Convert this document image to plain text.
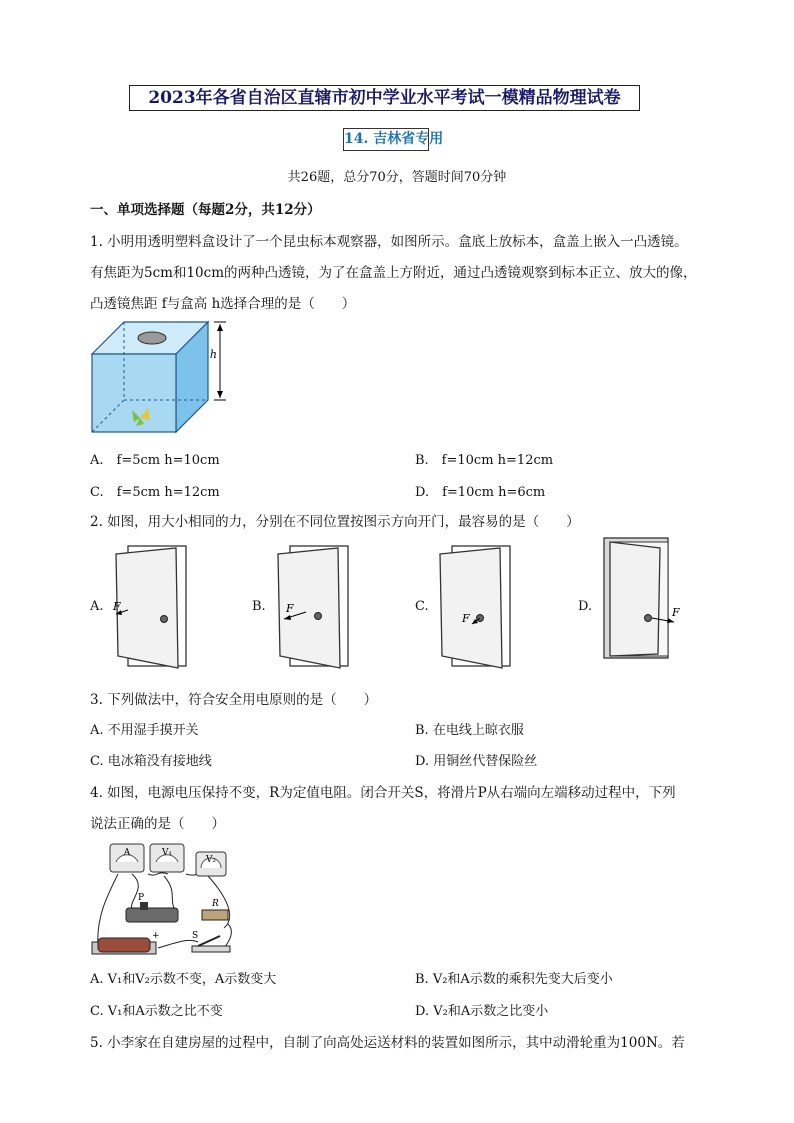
2023年各省自治区直辖市初中学业水平考试一模精品物理试卷
14. 吉林省专用
共26题，总分70分，答题时间70分钟
一、单项选择题（每题2分，共12分）
1. 小明用透明塑料盒设计了一个昆虫标本观察器，如图所示。盒底上放标本，盒盖上嵌入一凸透镜。
有焦距为5cm和10cm的两种凸透镜，为了在盒盖上方附近，通过凸透镜观察到标本正立、放大的像，
凸透镜焦距 f与盒高 h选择合理的是（　　）
h
A.　f=5cm h=10cm	B.　f=10cm h=12cm
C.　f=5cm h=12cm	D.　f=10cm h=6cm
2. 如图，用大小相同的力，分别在不同位置按图示方向开门，最容易的是（　　）
A. F	B. F	C.
F
D.	F
3. 下列做法中，符合安全用电原则的是（　　）
A. 不用湿手摸开关	B. 在电线上晾衣服
C. 电冰箱没有接地线	D. 用铜丝代替保险丝
4. 如图，电源电压保持不变，R为定值电阻。闭合开关S，将滑片P从右端向左端移动过程中，下列
说法正确的是（　　）
A	V₁
V₂
P
R
+	S
A. V₁和V₂示数不变，A示数变大	B. V₂和A示数的乘积先变大后变小
C. V₁和A示数之比不变	D. V₂和A示数之比变小
5. 小李家在自建房屋的过程中，自制了向高处运送材料的装置如图所示，其中动滑轮重为100N。若
